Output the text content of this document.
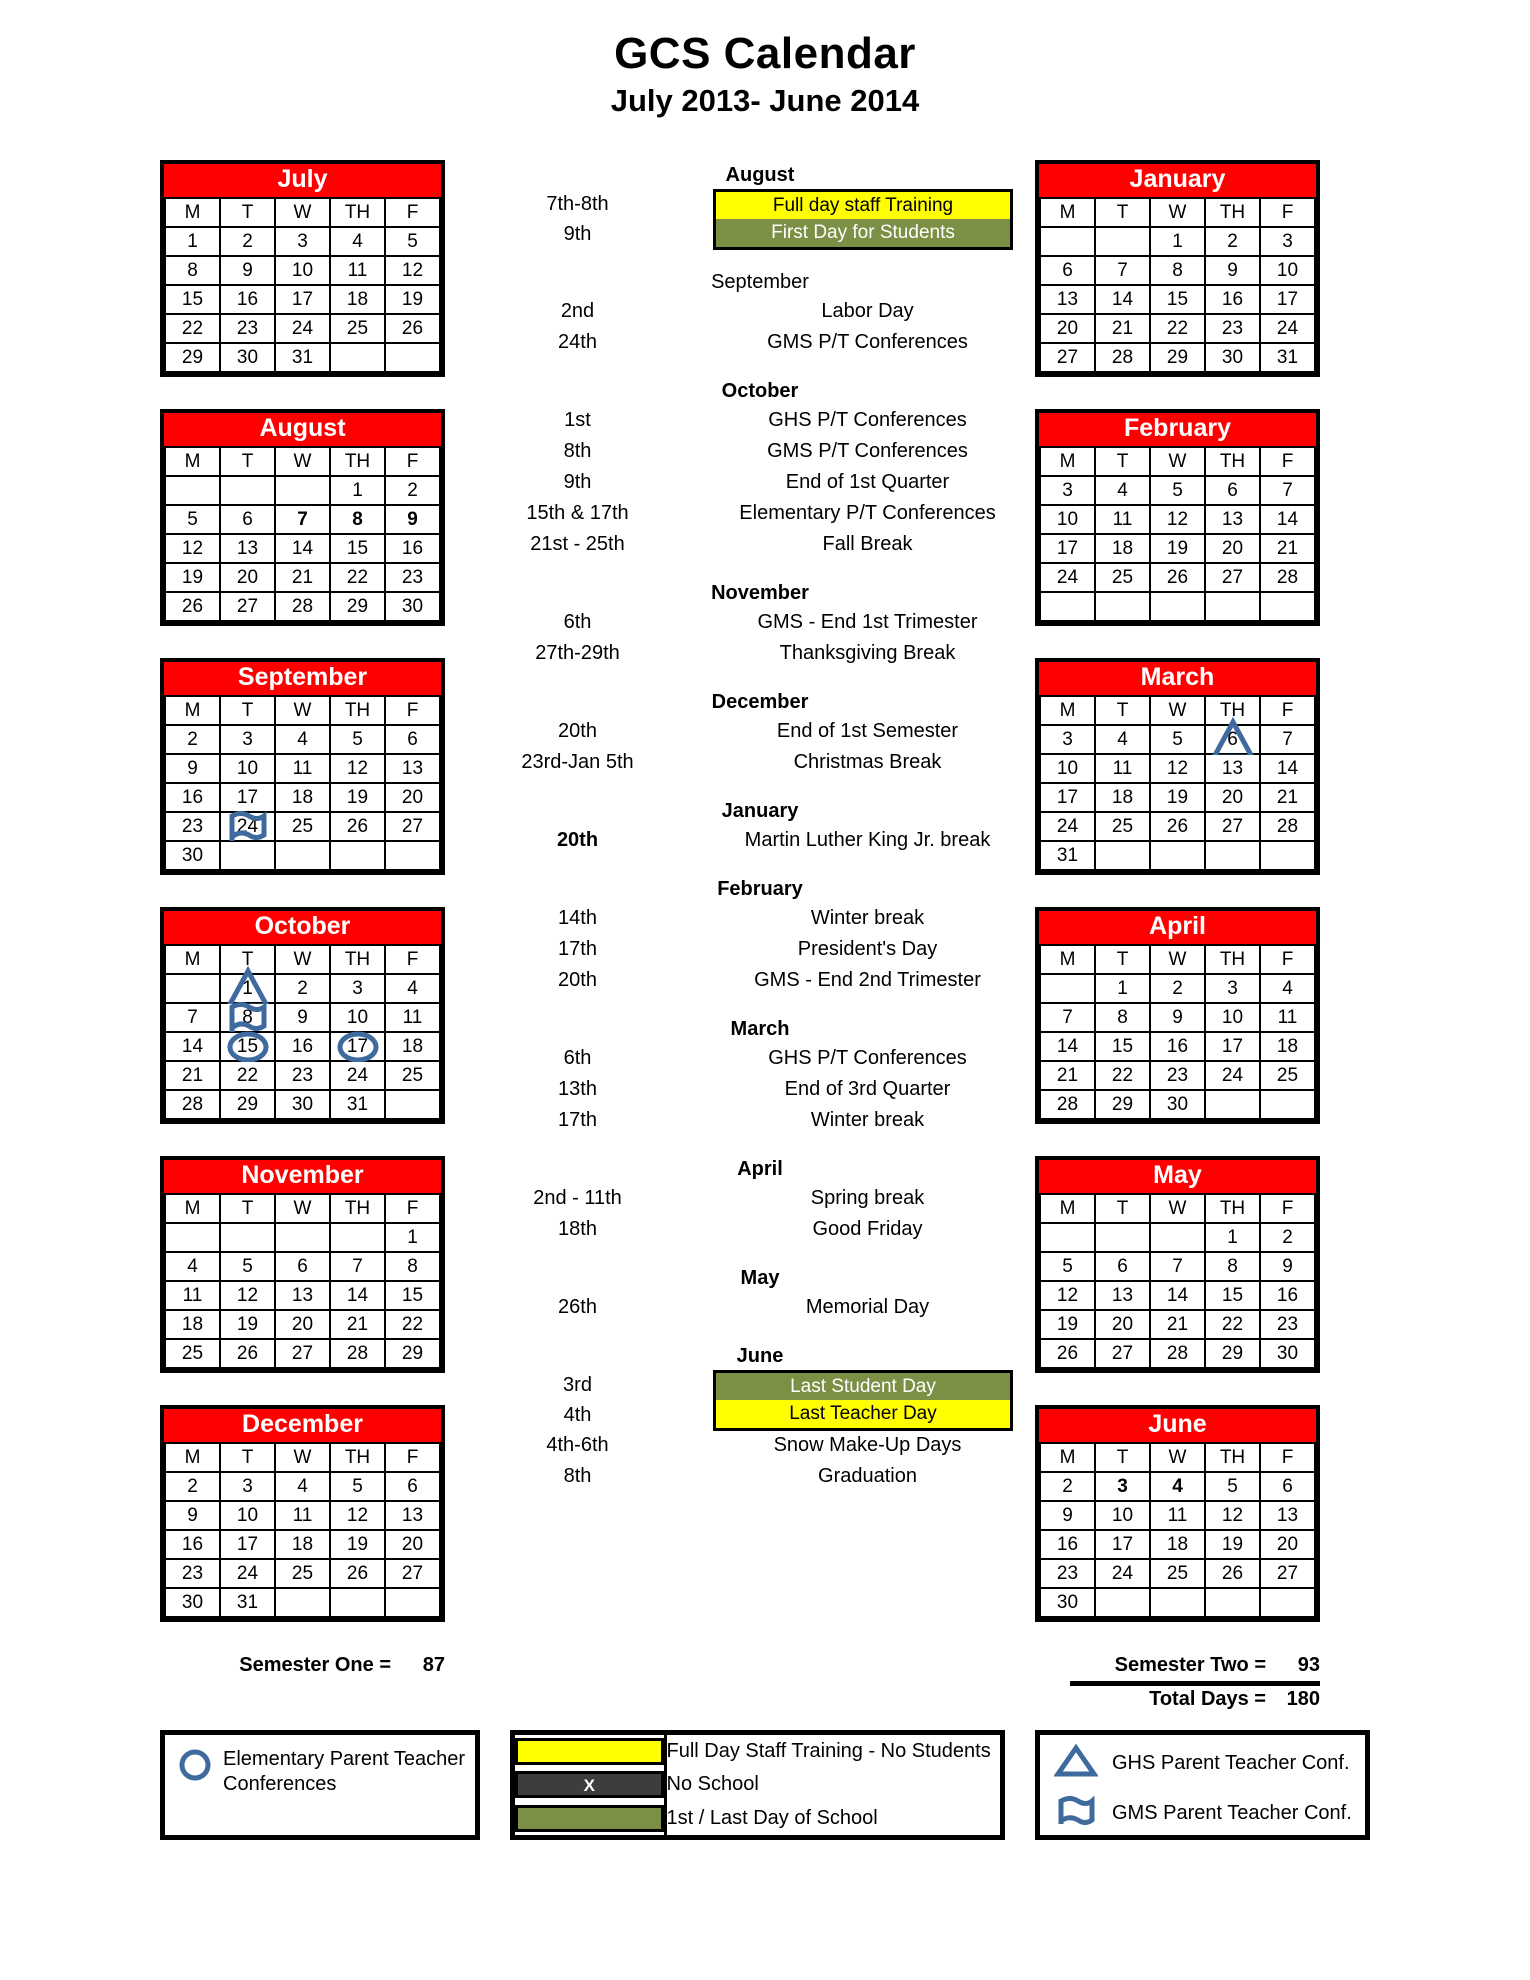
GCS Calendar
July 2013- June 2014
July
M	T	W	TH	F
1	2	3	4	5
8	9	10	11	12
15	16	17	18	19
22	23	24	25	26
29	30	31		
August
M	T	W	TH	F
			1	2
5	6	7	8	9
12	13	14	15	16
19	20	21	22	23
26	27	28	29	30
September
M	T	W	TH	F
2	3	4	5	6
9	10	11	12	13
16	17	18	19	20
23	24	25	26	27
30				
October
M	T	W	TH	F
	1	2	3	4
7	8	9	10	11
14	15	16	17	18
21	22	23	24	25
28	29	30	31	
November
M	T	W	TH	F
				1
4	5	6	7	8
11	12	13	14	15
18	19	20	21	22
25	26	27	28	29
December
M	T	W	TH	F
2	3	4	5	6
9	10	11	12	13
16	17	18	19	20
23	24	25	26	27
30	31			
Semester One =	87
August
7th-8th	Full day staff Training
9th	First Day for Students
September
2nd	Labor Day
24th	GMS P/T Conferences
October
1st	GHS P/T Conferences
8th	GMS P/T Conferences
9th	End of 1st Quarter
15th & 17th	Elementary P/T Conferences
21st - 25th	Fall Break
November
6th	GMS - End 1st Trimester
27th-29th	Thanksgiving Break
December
20th	End of 1st Semester
23rd-Jan 5th	Christmas Break
January
20th	Martin Luther King Jr. break
February
14th	Winter break
17th	President's Day
20th	GMS - End 2nd Trimester
March
6th	GHS P/T Conferences
13th	End of 3rd Quarter
17th	Winter break
April
2nd - 11th	Spring break
18th	Good Friday
May
26th	Memorial Day
June
3rd	Last Student Day
4th	Last Teacher Day
4th-6th	Snow Make-Up Days
8th	Graduation
January
M	T	W	TH	F
		1	2	3
6	7	8	9	10
13	14	15	16	17
20	21	22	23	24
27	28	29	30	31
February
M	T	W	TH	F
3	4	5	6	7
10	11	12	13	14
17	18	19	20	21
24	25	26	27	28

March
M	T	W	TH	F
3	4	5	6	7
10	11	12	13	14
17	18	19	20	21
24	25	26	27	28
31				
April
M	T	W	TH	F
	1	2	3	4
7	8	9	10	11
14	15	16	17	18
21	22	23	24	25
28	29	30		
May
M	T	W	TH	F
			1	2
5	6	7	8	9
12	13	14	15	16
19	20	21	22	23
26	27	28	29	30
June
M	T	W	TH	F
2	3	4	5	6
9	10	11	12	13
16	17	18	19	20
23	24	25	26	27
30				
Semester Two =	93
Total Days =	180
Elementary Parent Teacher
Conferences
	Full Day Staff Training - No Students

X	No School

	1st / Last Day of School
GHS Parent Teacher Conf.
GMS Parent Teacher Conf.
